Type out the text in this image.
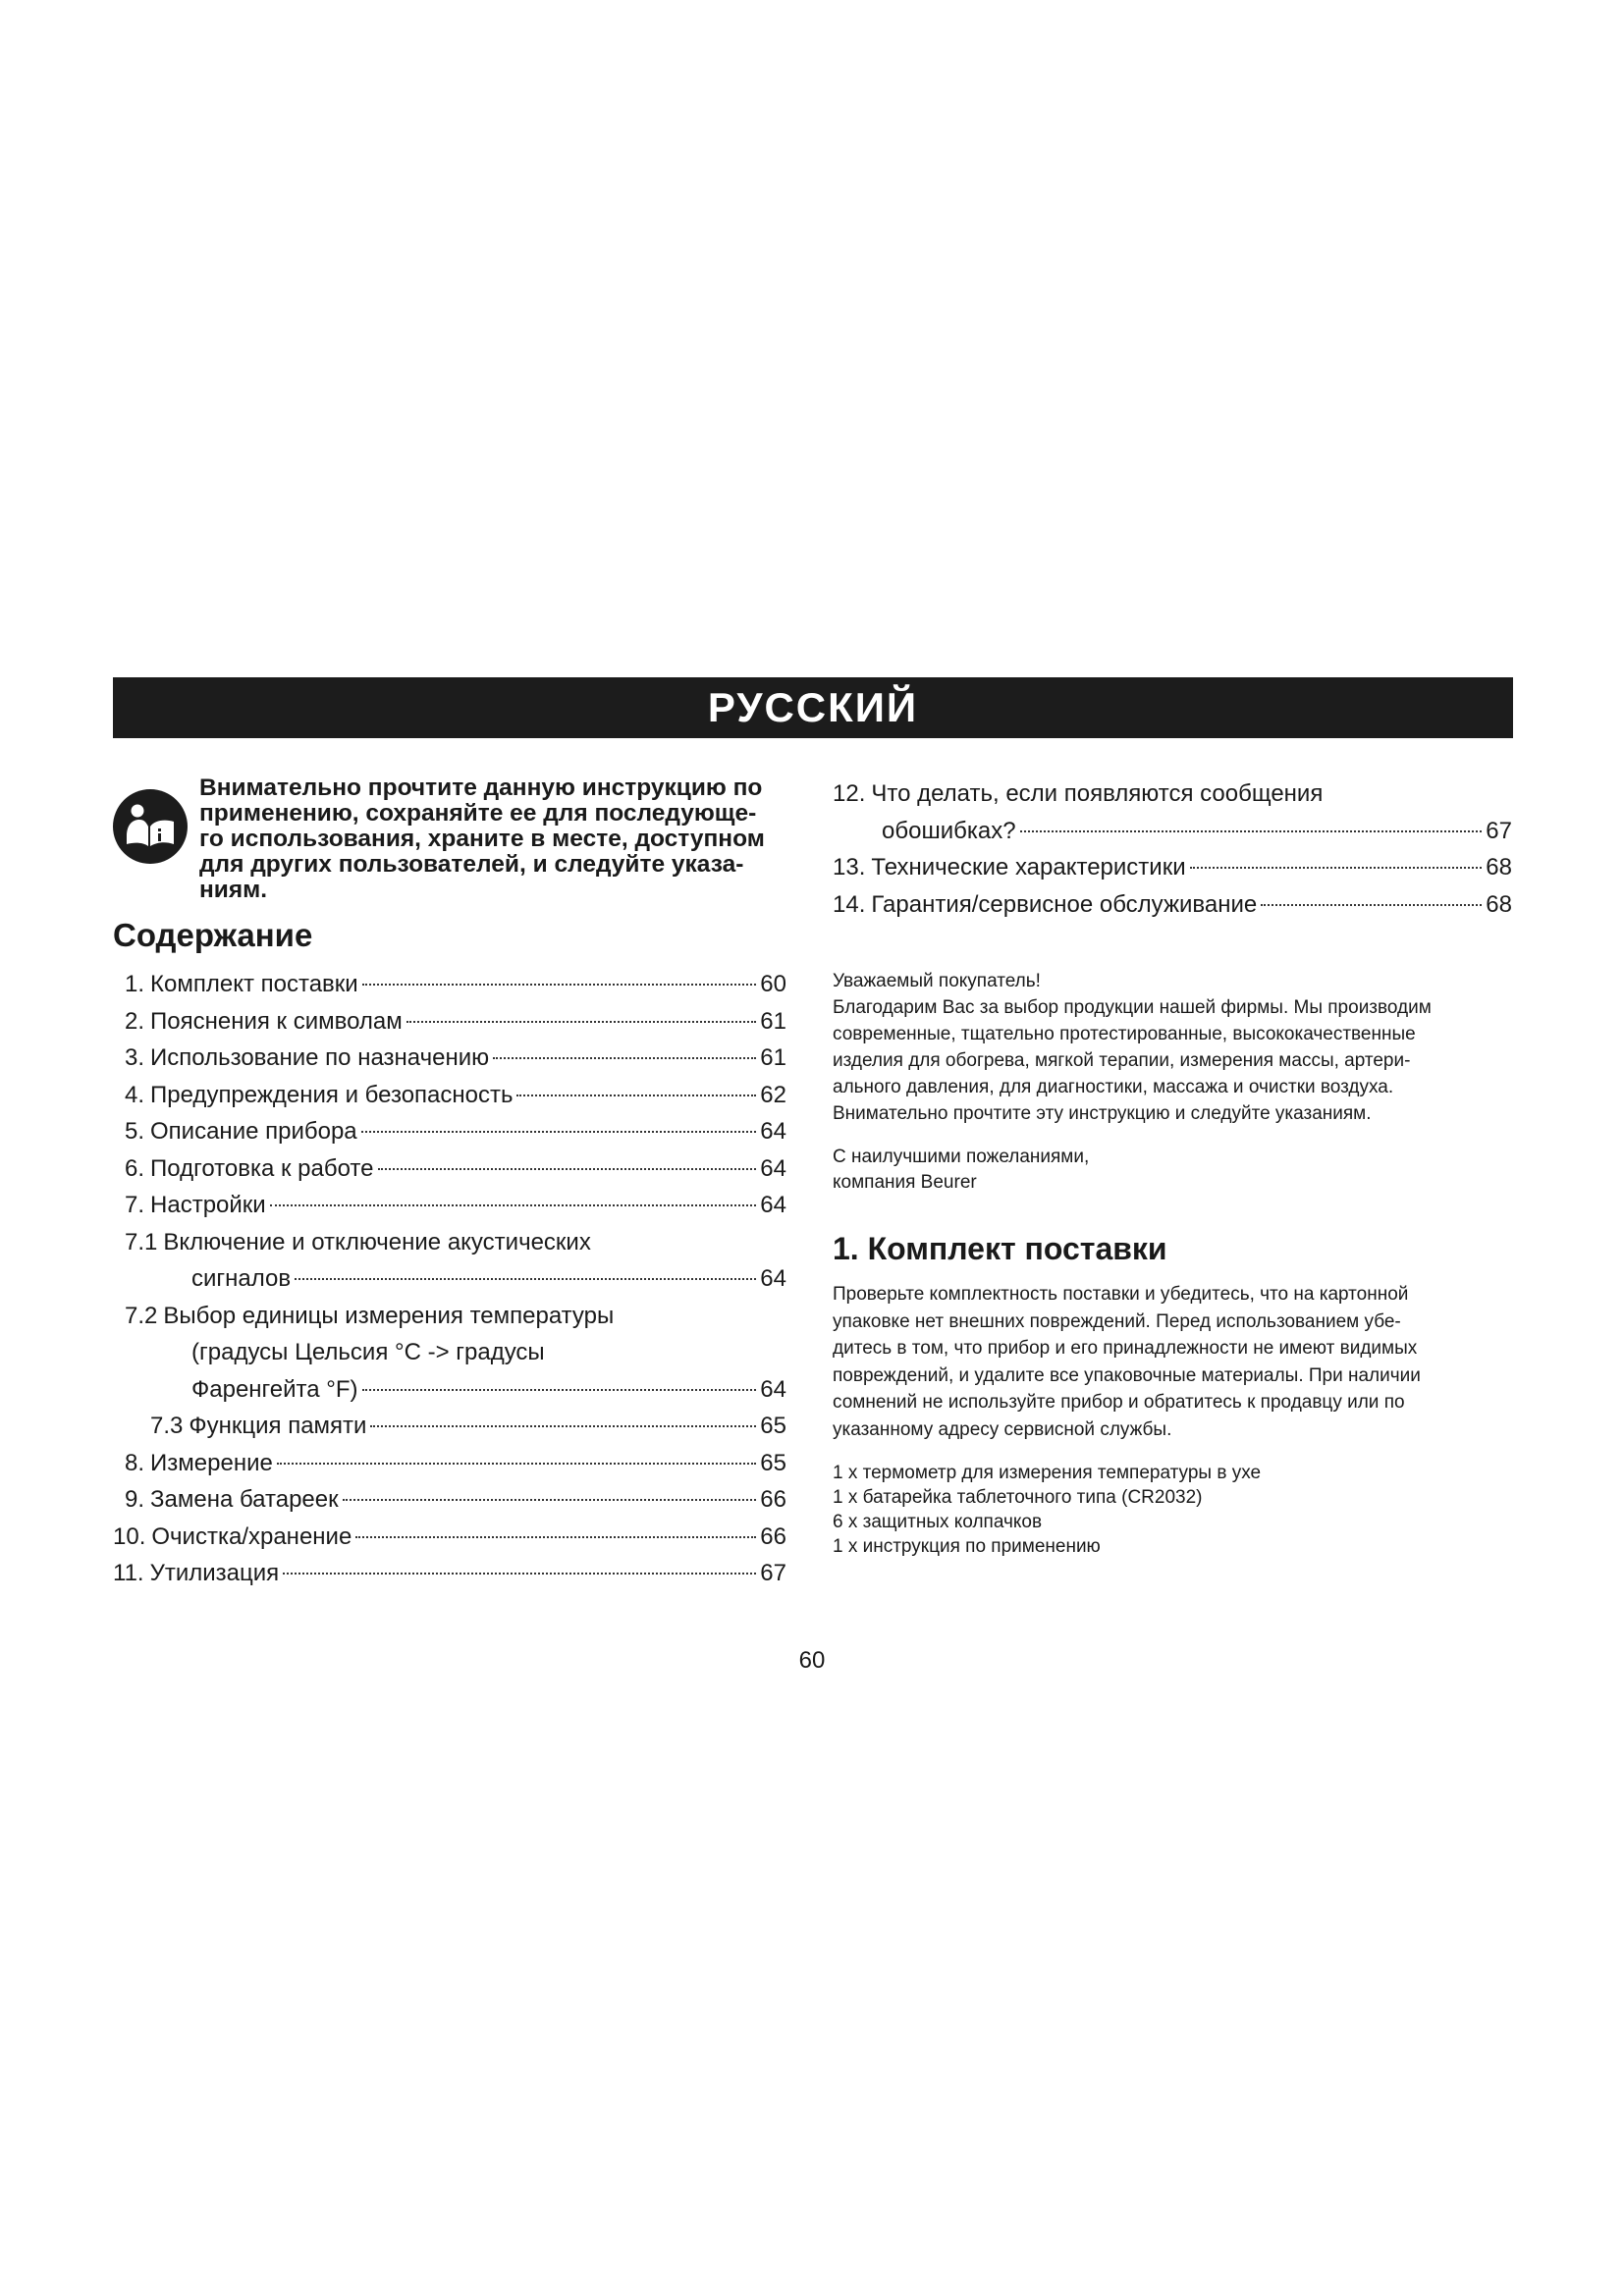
РУССКИЙ
Внимательно прочтите данную инструкцию по
применению, сохраняйте ее для последующе-
го использования, храните в месте, доступном
для других пользователей, и следуйте указа-
ниям.
Содержание
1. Комплект поставки	60
2. Пояснения к символам	61
3. Использование по назначению	61
4. Предупреждения и безопасность	62
5. Описание прибора	64
6. Подготовка к работе	64
7. Настройки	64
7.1 Включение и отключение акустических
сигналов	64
7.2 Выбор единицы измерения температуры
(градусы Цельсия °C -> градусы
Фаренгейта °F)	64
7.3 Функция памяти	65
8. Измерение	65
9. Замена батареек	66
10. Очистка/хранение	66
11. Утилизация	67
12. Что делать, если появляются сообщения
обошибках?	67
13. Технические характеристики	68
14. Гарантия/сервисное обслуживание	68

Уважаемый покупатель!

Благодарим Вас за выбор продукции нашей фирмы. Мы производим

современные, тщательно протестированные, высококачественные

изделия для обогрева, мягкой терапии, измерения массы, артери-

ального давления, для диагностики, массажа и очистки воздуха.

Внимательно прочтите эту инструкцию и следуйте указаниям.

С наилучшими пожеланиями,

компания Beurer

1. Комплект поставки
Проверьте комплектность поставки и убедитесь, что на картонной
упаковке нет внешних повреждений. Перед использованием убе-
дитесь в том, что прибор и его принадлежности не имеют видимых
повреждений, и удалите все упаковочные материалы. При наличии
сомнений не используйте прибор и обратитесь к продавцу или по
указанному адресу сервисной службы.
1 x термометр для измерения температуры в ухе
1 x батарейка таблеточного типа (CR2032)
6 x защитных колпачков
1 x инструкция по применению
60
